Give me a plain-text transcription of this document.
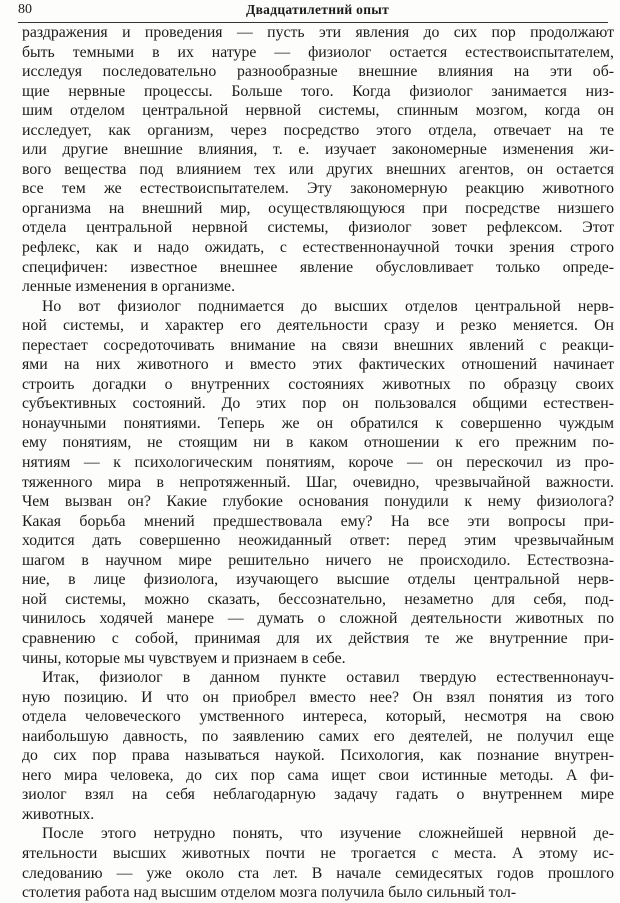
80	Двадцатилетний опыт
раздражения и проведения — пусть эти явления до сих пор продолжают
быть темными в их натуре — физиолог остается естествоиспытателем,
исследуя последовательно разнообразные внешние влияния на эти об-
щие нервные процессы. Больше того. Когда физиолог занимается низ-
шим отделом центральной нервной системы, спинным мозгом, когда он
исследует, как организм, через посредство этого отдела, отвечает на те
или другие внешние влияния, т. е. изучает закономерные изменения жи-
вого вещества под влиянием тех или других внешних агентов, он остается
все тем же естествоиспытателем. Эту закономерную реакцию животного
организма на внешний мир, осуществляющуюся при посредстве низшего
отдела центральной нервной системы, физиолог зовет рефлексом. Этот
рефлекс, как и надо ожидать, с естественнонаучной точки зрения строго
специфичен: известное внешнее явление обусловливает только опреде-
ленные изменения в организме.
Но вот физиолог поднимается до высших отделов центральной нерв-
ной системы, и характер его деятельности сразу и резко меняется. Он
перестает сосредоточивать внимание на связи внешних явлений с реакци-
ями на них животного и вместо этих фактических отношений начинает
строить догадки о внутренних состояниях животных по образцу своих
субъективных состояний. До этих пор он пользовался общими естествен-
нонаучными понятиями. Теперь же он обратился к совершенно чуждым
ему понятиям, не стоящим ни в каком отношении к его прежним по-
нятиям — к психологическим понятиям, короче — он перескочил из про-
тяженного мира в непротяженный. Шаг, очевидно, чрезвычайной важности.
Чем вызван он? Какие глубокие основания понудили к нему физиолога?
Какая борьба мнений предшествовала ему? На все эти вопросы при-
ходится дать совершенно неожиданный ответ: перед этим чрезвычайным
шагом в научном мире решительно ничего не происходило. Естествозна-
ние, в лице физиолога, изучающего высшие отделы центральной нерв-
ной системы, можно сказать, бессознательно, незаметно для себя, под-
чинилось ходячей манере — думать о сложной деятельности животных по
сравнению с собой, принимая для их действия те же внутренние при-
чины, которые мы чувствуем и признаем в себе.
Итак, физиолог в данном пункте оставил твердую естественнонауч-
ную позицию. И что он приобрел вместо нее? Он взял понятия из того
отдела человеческого умственного интереса, который, несмотря на свою
наибольшую давность, по заявлению самих его деятелей, не получил еще
до сих пор права называться наукой. Психология, как познание внутрен-
него мира человека, до сих пор сама ищет свои истинные методы. А фи-
зиолог взял на себя неблагодарную задачу гадать о внутреннем мире
животных.
После этого нетрудно понять, что изучение сложнейшей нервной де-
ятельности высших животных почти не трогается с места. А этому ис-
следованию — уже около ста лет. В начале семидесятых годов прошлого
столетия работа над высшим отделом мозга получила было сильный тол-
